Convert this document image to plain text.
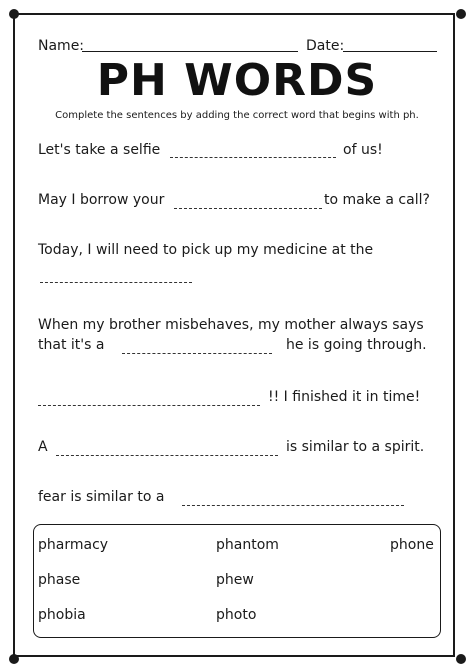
Name:	Date:
PH WORDS
Complete the sentences by adding the correct word that begins with ph.
Let's take a selfie	of us!
May I borrow your	to make a call?
Today, I will need to pick up my medicine at the
When my brother misbehaves, my mother always says
that it's a	he is going through.
!! I finished it in time!
A	is similar to a spirit.
fear is similar to a
pharmacy	phantom	phone
phase	phew
phobia	photo
